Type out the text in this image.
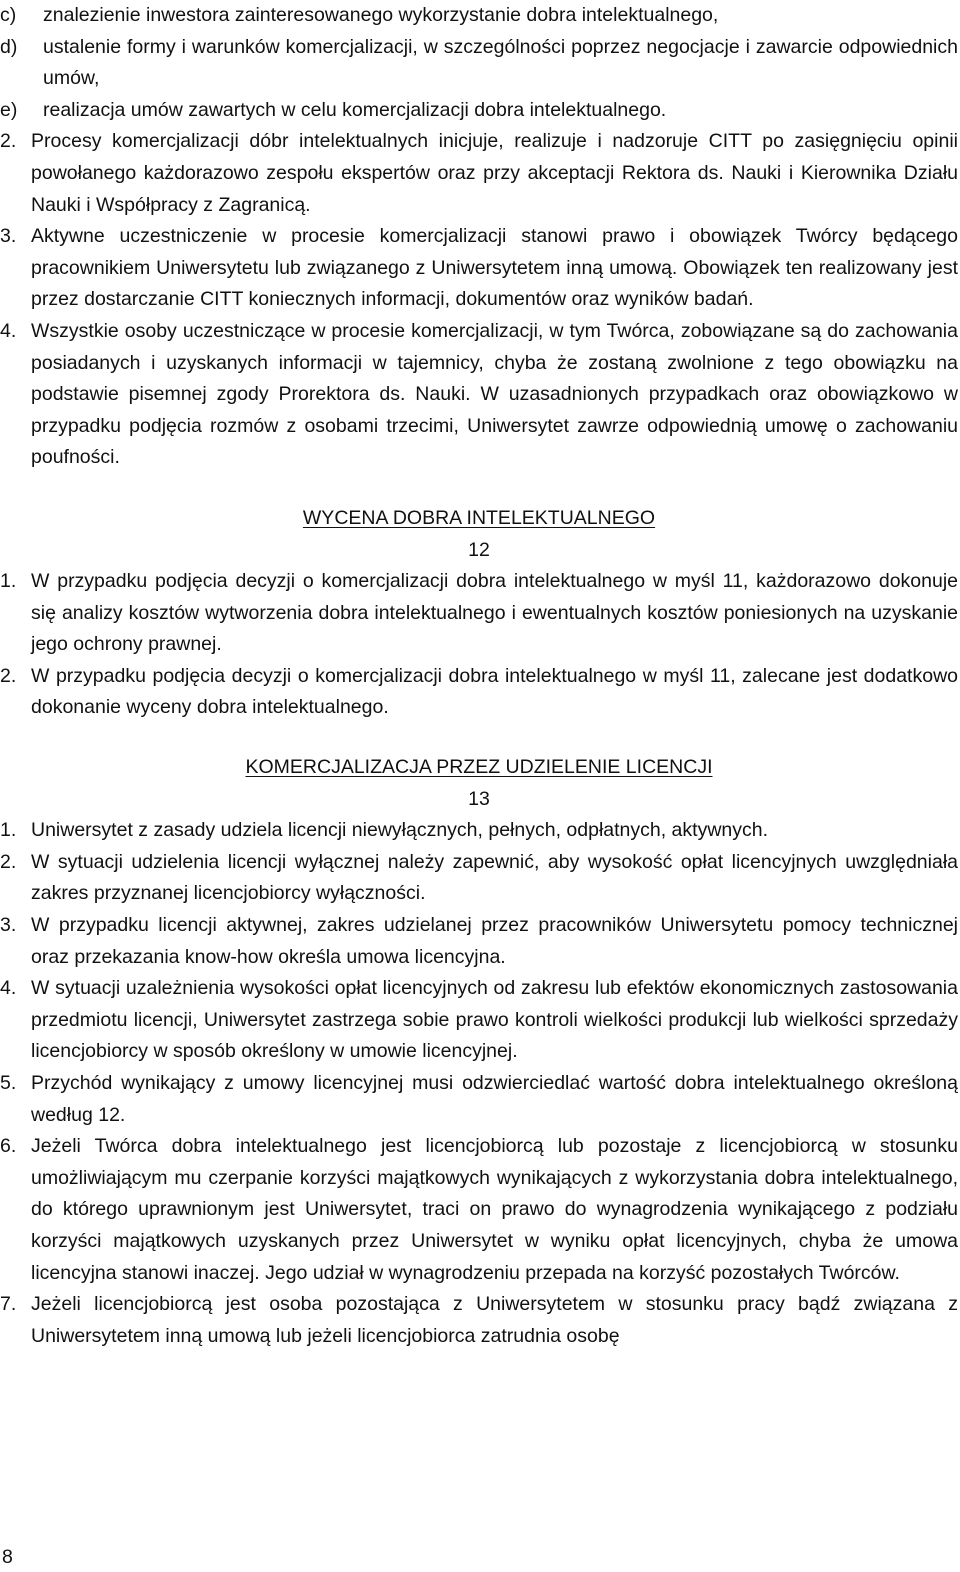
c)	znalezienie inwestora zainteresowanego wykorzystanie dobra intelektualnego,
d)	ustalenie formy i warunków komercjalizacji, w szczególności poprzez negocjacje i zawarcie odpowiednich umów,
e)	realizacja umów zawartych w celu komercjalizacji dobra intelektualnego.
2. Procesy komercjalizacji dóbr intelektualnych inicjuje, realizuje i nadzoruje CITT po zasięgnięciu opinii powołanego każdorazowo zespołu ekspertów oraz przy akceptacji Rektora ds. Nauki i Kierownika Działu Nauki i Współpracy z Zagranicą.
3. Aktywne uczestniczenie w procesie komercjalizacji stanowi prawo i obowiązek Twórcy będącego pracownikiem Uniwersytetu lub związanego z Uniwersytetem inną umową. Obowiązek ten realizowany jest przez dostarczanie CITT koniecznych informacji, dokumentów oraz wyników badań.
4. Wszystkie osoby uczestniczące w procesie komercjalizacji, w tym Twórca, zobowiązane są do zachowania posiadanych i uzyskanych informacji w tajemnicy, chyba że zostaną zwolnione z tego obowiązku na podstawie pisemnej zgody Prorektora ds. Nauki. W uzasadnionych przypadkach oraz obowiązkowo w przypadku podjęcia rozmów z osobami trzecimi, Uniwersytet zawrze odpowiednią umowę o zachowaniu poufności.
WYCENA DOBRA INTELEKTUALNEGO
12
1. W przypadku podjęcia decyzji o komercjalizacji dobra intelektualnego w myśl 11, każdorazowo dokonuje się analizy kosztów wytworzenia dobra intelektualnego i ewentualnych kosztów poniesionych na uzyskanie jego ochrony prawnej.
2. W przypadku podjęcia decyzji o komercjalizacji dobra intelektualnego w myśl 11, zalecane jest dodatkowo dokonanie wyceny dobra intelektualnego.
KOMERCJALIZACJA PRZEZ UDZIELENIE LICENCJI
13
1. Uniwersytet z zasady udziela licencji niewyłącznych, pełnych, odpłatnych, aktywnych.
2. W sytuacji udzielenia licencji wyłącznej należy zapewnić, aby wysokość opłat licencyjnych uwzględniała zakres przyznanej licencjobiorcy wyłączności.
3. W przypadku licencji aktywnej, zakres udzielanej przez pracowników Uniwersytetu pomocy technicznej oraz przekazania know-how określa umowa licencyjna.
4. W sytuacji uzależnienia wysokości opłat licencyjnych od zakresu lub efektów ekonomicznych zastosowania przedmiotu licencji, Uniwersytet zastrzega sobie prawo kontroli wielkości produkcji lub wielkości sprzedaży licencjobiorcy w sposób określony w umowie licencyjnej.
5. Przychód wynikający z umowy licencyjnej musi odzwierciedlać wartość dobra intelektualnego określoną według 12.
6. Jeżeli Twórca dobra intelektualnego jest licencjobiorcą lub pozostaje z licencjobiorcą w stosunku umożliwiającym mu czerpanie korzyści majątkowych wynikających z wykorzystania dobra intelektualnego, do którego uprawnionym jest Uniwersytet, traci on prawo do wynagrodzenia wynikającego z podziału korzyści majątkowych uzyskanych przez Uniwersytet w wyniku opłat licencyjnych, chyba że umowa licencyjna stanowi inaczej. Jego udział w wynagrodzeniu przepada na korzyść pozostałych Twórców.
7. Jeżeli licencjobiorcą jest osoba pozostająca z Uniwersytetem w stosunku pracy bądź związana z Uniwersytetem inną umową lub jeżeli licencjobiorca zatrudnia osobę
8
